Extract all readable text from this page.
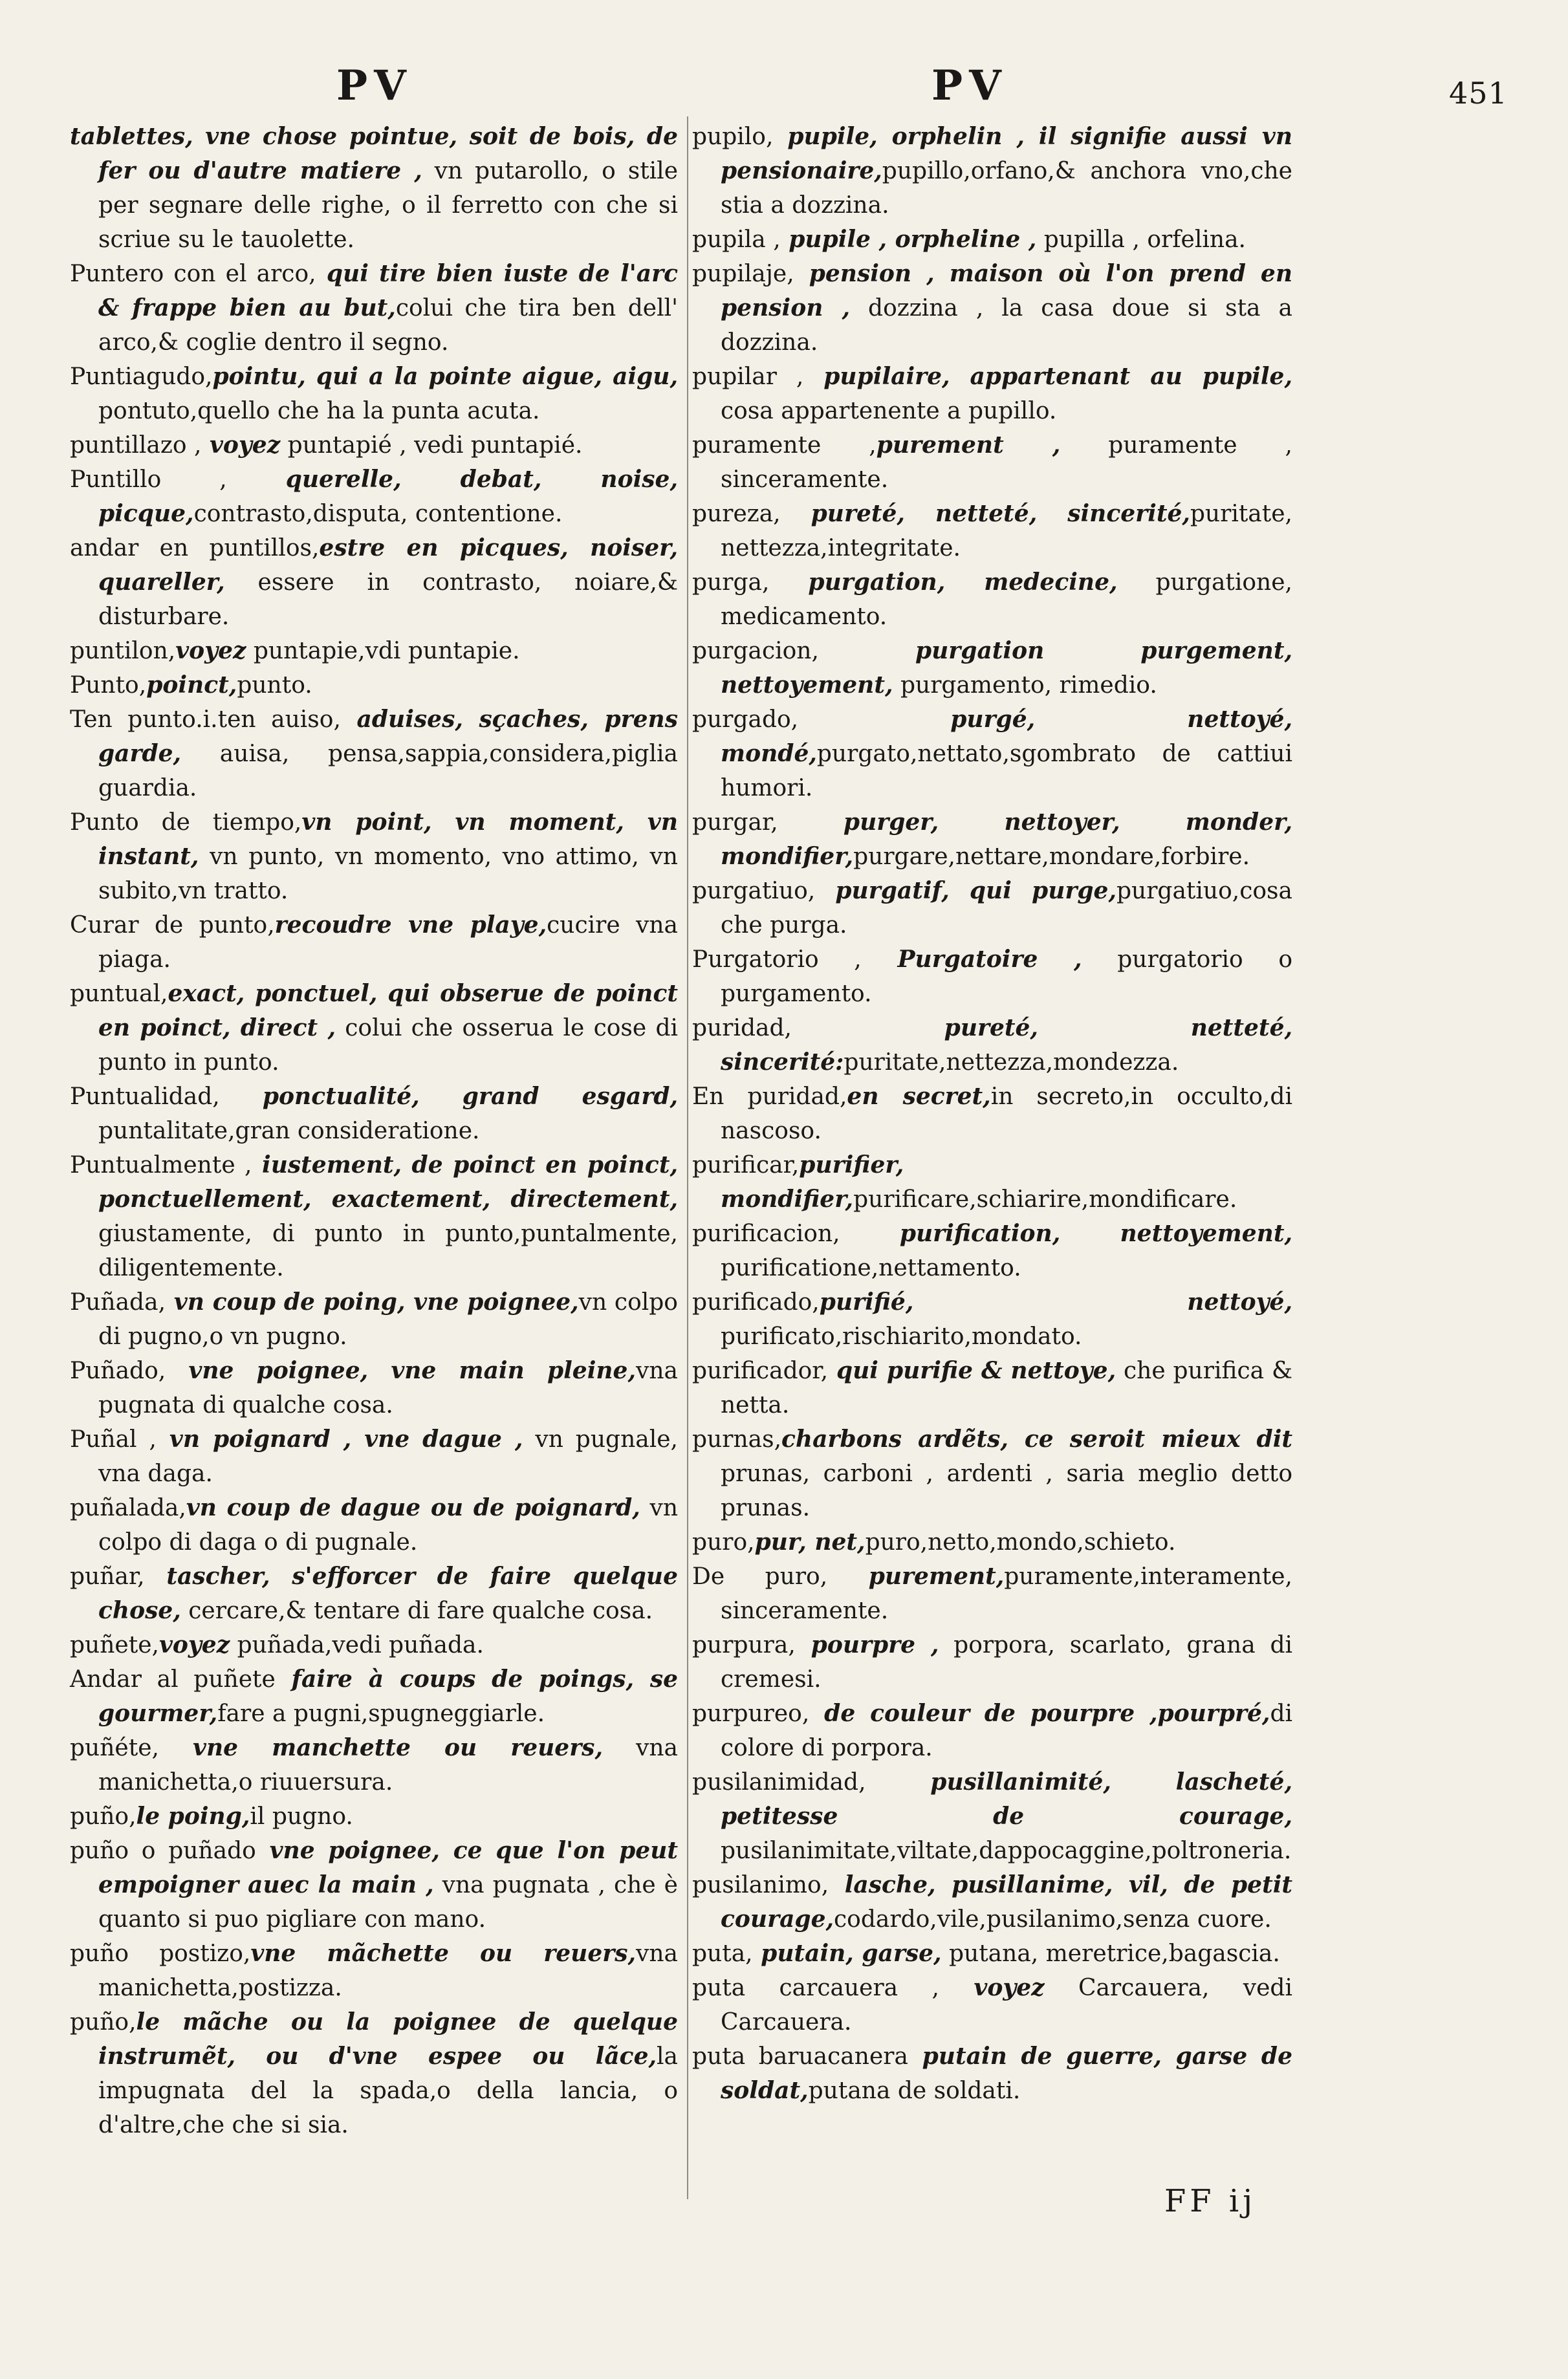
PV	PV	451

tablettes, vne chose pointue, soit de bois, de fer ou d'autre matiere , vn putarollo, o stile per segnare delle righe, o il ferretto con che si scriue su le tauolette.

Puntero con el arco, qui tire bien iuste de l'arc & frappe bien au but,colui che tira ben dell' arco,& coglie dentro il segno.

Puntiagudo,pointu, qui a la pointe aigue, aigu, pontuto,quello che ha la punta acuta.

puntillazo , voyez puntapié , vedi puntapié.

Puntillo , querelle, debat, noise, picque,contrasto,disputa, contentione.

andar en puntillos,estre en picques, noiser, quareller, essere in contrasto, noiare,& disturbare.

puntilon,voyez puntapie,vdi puntapie.

Punto,poinct,punto.

Ten punto.i.ten auiso, aduises, sçaches, prens garde, auisa, pensa,sappia,considera,piglia guardia.

Punto de tiempo,vn point, vn moment, vn instant, vn punto, vn momento, vno attimo, vn subito,vn tratto.

Curar de punto,recoudre vne playe,cucire vna piaga.

puntual,exact, ponctuel, qui obserue de poinct en poinct, direct , colui che osserua le cose di punto in punto.

Puntualidad, ponctualité, grand esgard, puntalitate,gran consideratione.

Puntualmente , iustement, de poinct en poinct, ponctuellement, exactement, directement, giustamente, di punto in punto,puntalmente, diligentemente.

Puñada, vn coup de poing, vne poignee,vn colpo di pugno,o vn pugno.

Puñado, vne poignee, vne main pleine,vna pugnata di qualche cosa.

Puñal , vn poignard , vne dague , vn pugnale, vna daga.

puñalada,vn coup de dague ou de poignard, vn colpo di daga o di pugnale.

puñar, tascher, s'efforcer de faire quelque chose, cercare,& tentare di fare qualche cosa.

puñete,voyez puñada,vedi puñada.

Andar al puñete faire à coups de poings, se gourmer,fare a pugni,spugneggiarle.

puñéte, vne manchette ou reuers, vna manichetta,o riuuersura.

puño,le poing,il pugno.

puño o puñado vne poignee, ce que l'on peut empoigner auec la main , vna pugnata , che è quanto si puo pigliare con mano.

puño postizo,vne mãchette ou reuers,vna manichetta,postizza.

puño,le mãche ou la poignee de quelque instrumẽt, ou d'vne espee ou lãce,la impugnata del la spada,o della lancia, o d'altre,che che si sia.

pupilo, pupile, orphelin , il signifie aussi vn pensionaire,pupillo,orfano,& anchora vno,che stia a dozzina.

pupila , pupile , orpheline , pupilla , orfelina.

pupilaje, pension , maison où l'on prend en pension , dozzina , la casa doue si sta a dozzina.

pupilar , pupilaire, appartenant au pupile, cosa appartenente a pupillo.

puramente ,purement , puramente , sinceramente.

pureza, pureté, netteté, sincerité,puritate, nettezza,integritate.

purga, purgation, medecine, purgatione, medicamento.

purgacion, purgation purgement, nettoyement, purgamento, rimedio.

purgado, purgé, nettoyé, mondé,purgato,nettato,sgombrato de cattiui humori.

purgar, purger, nettoyer, monder, mondifier,purgare,nettare,mondare,forbire.

purgatiuo, purgatif, qui purge,purgatiuo,cosa che purga.

Purgatorio , Purgatoire , purgatorio o purgamento.

puridad, pureté, netteté, sincerité:puritate,nettezza,mondezza.

En puridad,en secret,in secreto,in occulto,di nascoso.

purificar,purifier, mondifier,purificare,schiarire,mondificare.

purificacion, purification, nettoyement, purificatione,nettamento.

purificado,purifié, nettoyé, purificato,rischiarito,mondato.

purificador, qui purifie & nettoye, che purifica & netta.

purnas,charbons ardẽts, ce seroit mieux dit prunas, carboni , ardenti , saria meglio detto prunas.

puro,pur, net,puro,netto,mondo,schieto.

De puro, purement,puramente,interamente, sinceramente.

purpura, pourpre , porpora, scarlato, grana di cremesi.

purpureo, de couleur de pourpre ,pourpré,di colore di porpora.

pusilanimidad, pusillanimité, lascheté, petitesse de courage, pusilanimitate,viltate,dappocaggine,poltroneria.

pusilanimo, lasche, pusillanime, vil, de petit courage,codardo,vile,pusilanimo,senza cuore.

puta, putain, garse, putana, meretrice,bagascia.

puta carcauera , voyez Carcauera, vedi Carcauera.

puta baruacanera putain de guerre, garse de soldat,putana de soldati.

FF ij
